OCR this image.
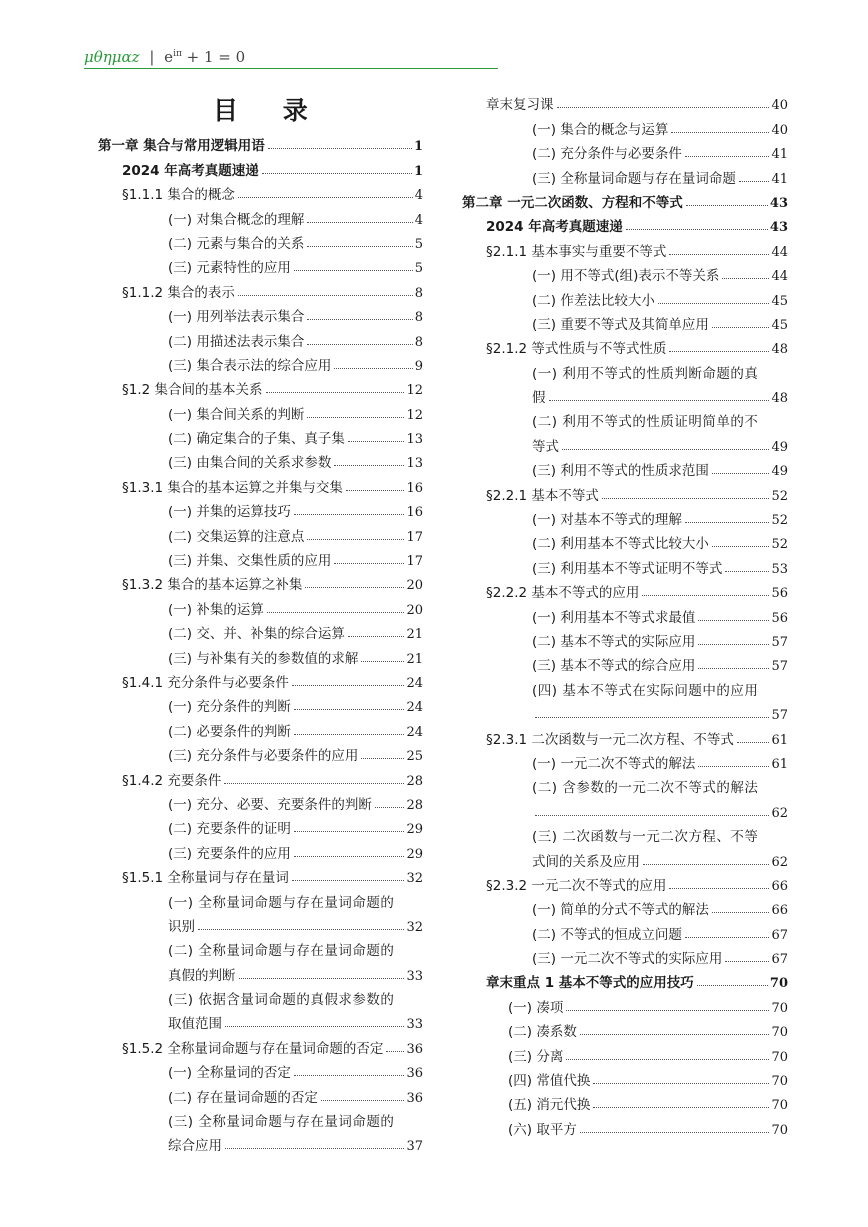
μθημαz | $e^{i\pi} + 1 = 0$
目 录
第一章 集合与常用逻辑用语	1
2024 年高考真题速递	1
§1.1.1 集合的概念	4
(一) 对集合概念的理解	4
(二) 元素与集合的关系	5
(三) 元素特性的应用	5
§1.1.2 集合的表示	8
(一) 用列举法表示集合	8
(二) 用描述法表示集合	8
(三) 集合表示法的综合应用	9
§1.2 集合间的基本关系	12
(一) 集合间关系的判断	12
(二) 确定集合的子集、真子集	13
(三) 由集合间的关系求参数	13
§1.3.1 集合的基本运算之并集与交集	16
(一) 并集的运算技巧	16
(二) 交集运算的注意点	17
(三) 并集、交集性质的应用	17
§1.3.2 集合的基本运算之补集	20
(一) 补集的运算	20
(二) 交、并、补集的综合运算	21
(三) 与补集有关的参数值的求解	21
§1.4.1 充分条件与必要条件	24
(一) 充分条件的判断	24
(二) 必要条件的判断	24
(三) 充分条件与必要条件的应用	25
§1.4.2 充要条件	28
(一) 充分、必要、充要条件的判断	28
(二) 充要条件的证明	29
(三) 充要条件的应用	29
§1.5.1 全称量词与存在量词	32
(一) 全称量词命题与存在量词命题的
识别	32
(二) 全称量词命题与存在量词命题的
真假的判断	33
(三) 依据含量词命题的真假求参数的
取值范围	33
§1.5.2 全称量词命题与存在量词命题的否定 36
(一) 全称量词的否定	36
(二) 存在量词命题的否定	36
(三) 全称量词命题与存在量词命题的
综合应用	37
章末复习课	40
(一) 集合的概念与运算	40
(二) 充分条件与必要条件	41
(三) 全称量词命题与存在量词命题	41
第二章 一元二次函数、方程和不等式	43
2024 年高考真题速递	43
§2.1.1 基本事实与重要不等式	44
(一) 用不等式(组)表示不等关系	44
(二) 作差法比较大小	45
(三) 重要不等式及其简单应用	45
§2.1.2 等式性质与不等式性质	48
(一) 利用不等式的性质判断命题的真
假	48
(二) 利用不等式的性质证明简单的不
等式	49
(三) 利用不等式的性质求范围	49
§2.2.1 基本不等式	52
(一) 对基本不等式的理解	52
(二) 利用基本不等式比较大小	52
(三) 利用基本不等式证明不等式	53
§2.2.2 基本不等式的应用	56
(一) 利用基本不等式求最值	56
(二) 基本不等式的实际应用	57
(三) 基本不等式的综合应用	57
(四) 基本不等式在实际问题中的应用
57
§2.3.1 二次函数与一元二次方程、不等式	61
(一) 一元二次不等式的解法	61
(二) 含参数的一元二次不等式的解法
62
(三) 二次函数与一元二次方程、不等
式间的关系及应用	62
§2.3.2 一元二次不等式的应用	66
(一) 简单的分式不等式的解法	66
(二) 不等式的恒成立问题	67
(三) 一元二次不等式的实际应用	67
章末重点 1 基本不等式的应用技巧	70
(一) 凑项	70
(二) 凑系数	70
(三) 分离	70
(四) 常值代换	70
(五) 消元代换	70
(六) 取平方	70
